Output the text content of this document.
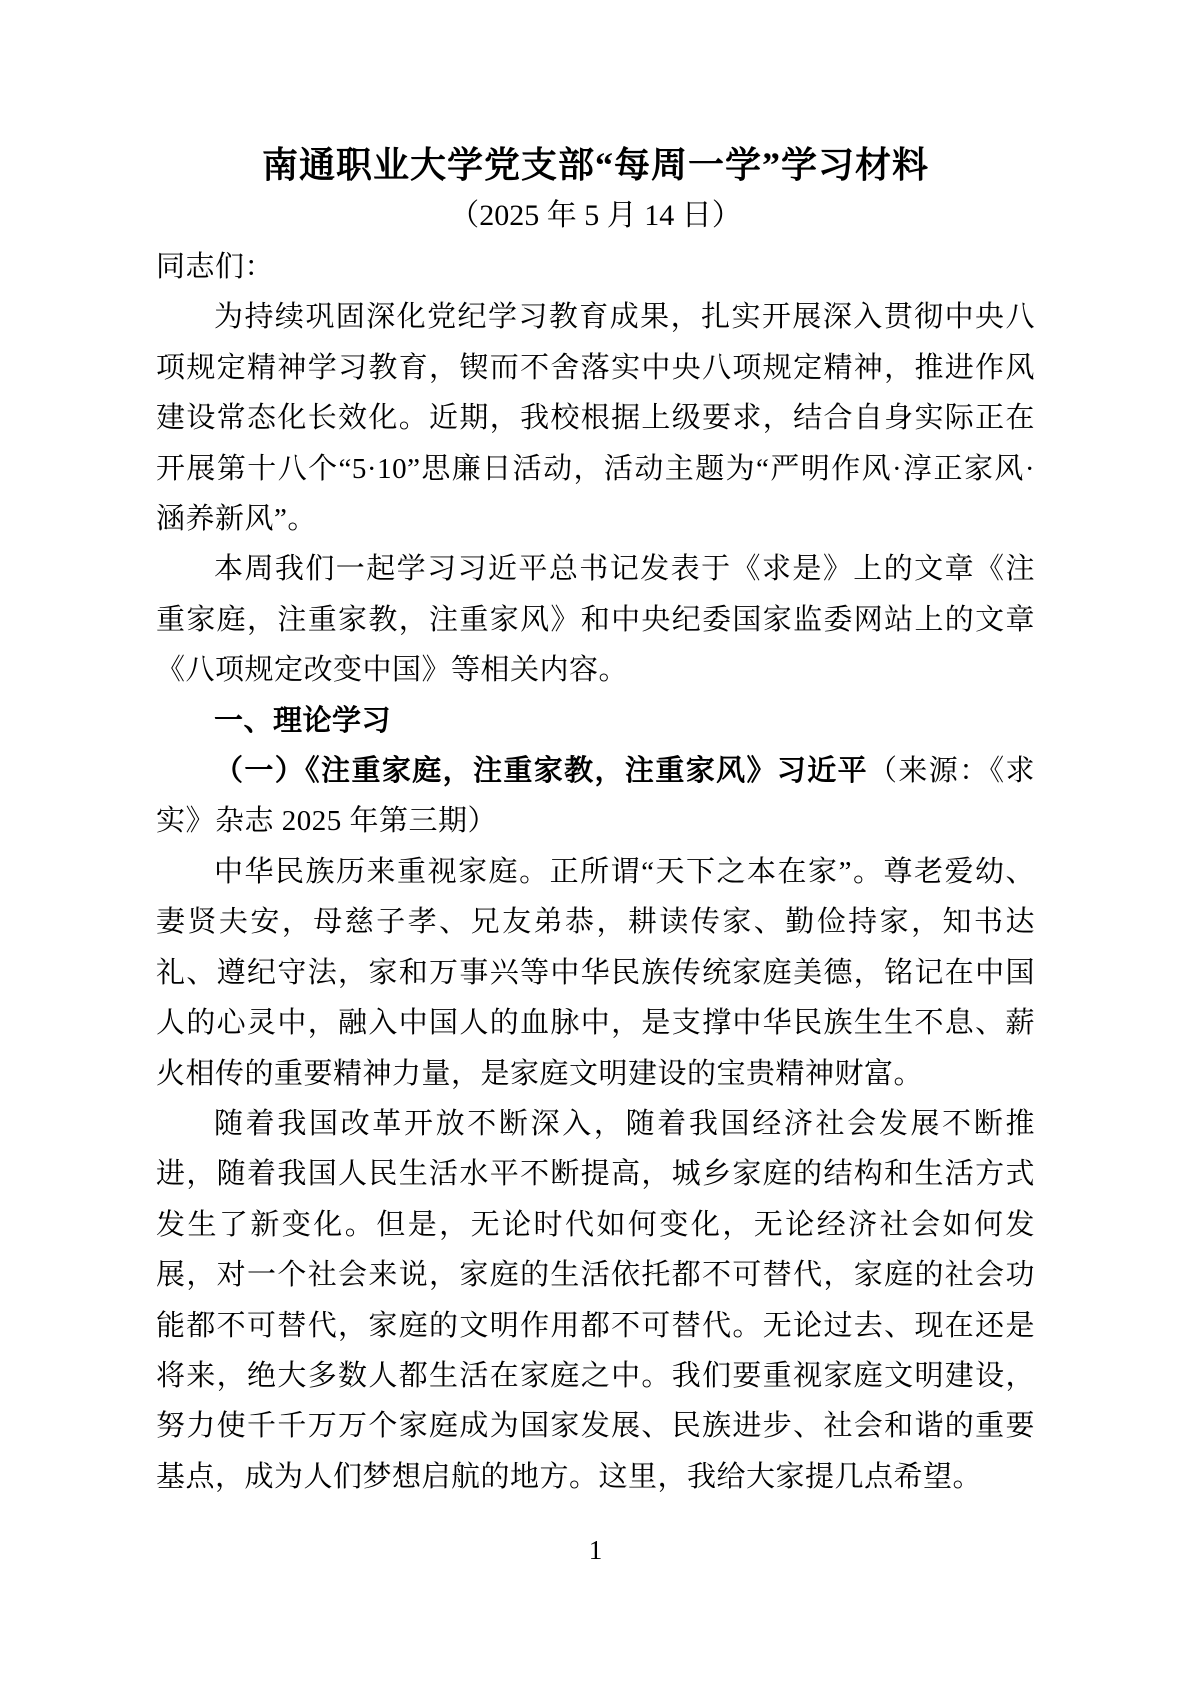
南通职业大学党支部“每周一学”学习材料
（2025 年 5 月 14 日）

同志们：

为持续巩固深化党纪学习教育成果，扎实开展深入贯彻中央八项规定精神学习教育，锲而不舍落实中央八项规定精神，推进作风建设常态化长效化。近期，我校根据上级要求，结合自身实际正在开展第十八个“5·10”思廉日活动，活动主题为“严明作风·淳正家风·涵养新风”。

本周我们一起学习习近平总书记发表于《求是》上的文章《注重家庭，注重家教，注重家风》和中央纪委国家监委网站上的文章《八项规定改变中国》等相关内容。

一、理论学习

（一）《注重家庭，注重家教，注重家风》习近平（来源：《求实》杂志 2025 年第三期）

中华民族历来重视家庭。正所谓“天下之本在家”。尊老爱幼、妻贤夫安，母慈子孝、兄友弟恭，耕读传家、勤俭持家，知书达礼、遵纪守法，家和万事兴等中华民族传统家庭美德，铭记在中国人的心灵中，融入中国人的血脉中，是支撑中华民族生生不息、薪火相传的重要精神力量，是家庭文明建设的宝贵精神财富。

随着我国改革开放不断深入，随着我国经济社会发展不断推进，随着我国人民生活水平不断提高，城乡家庭的结构和生活方式发生了新变化。但是，无论时代如何变化，无论经济社会如何发展，对一个社会来说，家庭的生活依托都不可替代，家庭的社会功能都不可替代，家庭的文明作用都不可替代。无论过去、现在还是将来，绝大多数人都生活在家庭之中。我们要重视家庭文明建设，努力使千千万万个家庭成为国家发展、民族进步、社会和谐的重要基点，成为人们梦想启航的地方。这里，我给大家提几点希望。

1
